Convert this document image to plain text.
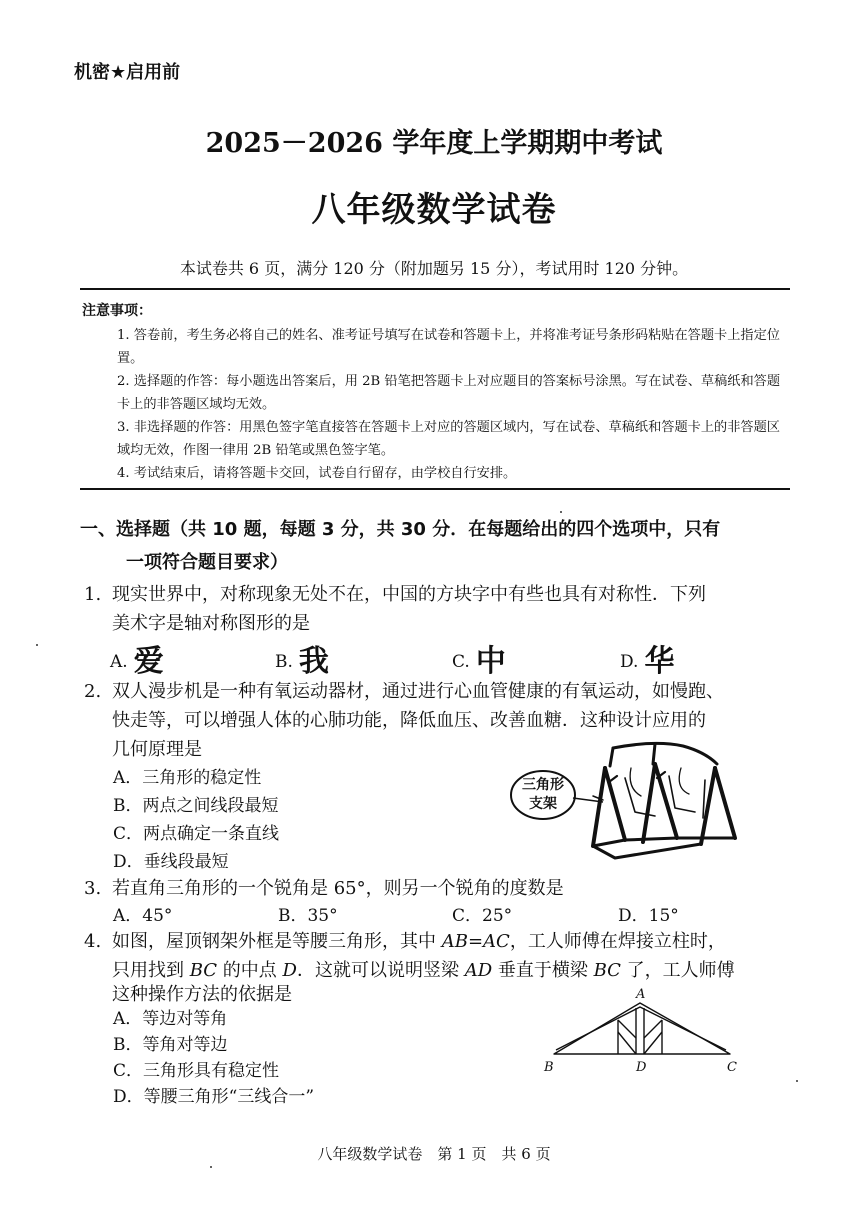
机密★启用前
2025－2026 学年度上学期期中考试
八年级数学试卷
本试卷共 6 页，满分 120 分（附加题另 15 分），考试用时 120 分钟。
注意事项：
1. 答卷前，考生务必将自己的姓名、准考证号填写在试卷和答题卡上，并将准考证号条形码粘贴在答题卡上指定位置。
2. 选择题的作答：每小题选出答案后，用 2B 铅笔把答题卡上对应题目的答案标号涂黑。写在试卷、草稿纸和答题卡上的非答题区域均无效。
3. 非选择题的作答：用黑色签字笔直接答在答题卡上对应的答题区域内，写在试卷、草稿纸和答题卡上的非答题区域均无效，作图一律用 2B 铅笔或黑色签字笔。
4. 考试结束后，请将答题卡交回，试卷自行留存，由学校自行安排。
一、选择题（共 10 题，每题 3 分，共 30 分．在每题给出的四个选项中，只有
一项符合题目要求）
1. 现实世界中，对称现象无处不在，中国的方块字中有些也具有对称性．下列
美术字是轴对称图形的是
A. 爱	B. 我	C. 中	D. 华
2. 双人漫步机是一种有氧运动器材，通过进行心血管健康的有氧运动，如慢跑、
快走等，可以增强人体的心肺功能，降低血压、改善血糖．这种设计应用的
几何原理是
A．三角形的稳定性
B．两点之间线段最短
C．两点确定一条直线
D．垂线段最短
三角形
支架
3. 若直角三角形的一个锐角是 65°，则另一个锐角的度数是
A．45°	B．35°	C．25°	D．15°
4. 如图，屋顶钢架外框是等腰三角形，其中 AB=AC，工人师傅在焊接立柱时，
只用找到 BC 的中点 D．这就可以说明竖梁 AD 垂直于横梁 BC 了，工人师傅
这种操作方法的依据是
A．等边对等角
B．等角对等边
C．三角形具有稳定性
D．等腰三角形“三线合一”
A
B	D	C
八年级数学试卷　第 1 页　共 6 页
